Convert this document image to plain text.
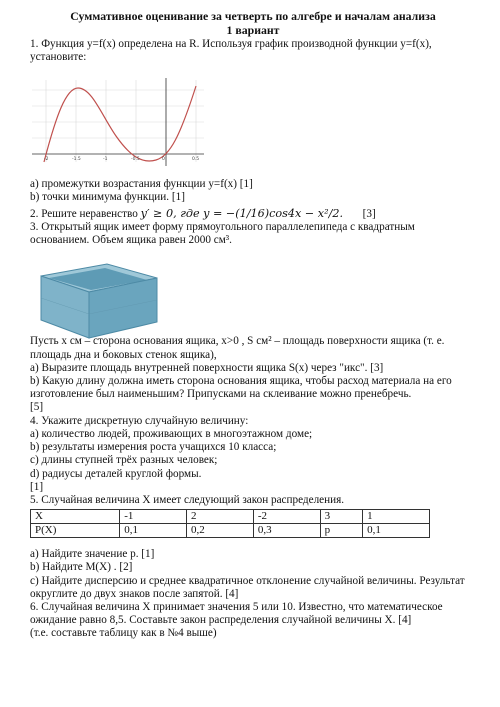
Суммативное оценивание за четверть по алгебре и началам анализа
1 вариант

1. Функция y=f(x) определена на R. Используя график производной функции y=f(x), установите:

a) промежутки возрастания функции y=f(x) [1]

b) точки минимума функции. [1]

2. Решите неравенство y′ ≥ 0, где y = −(1/16)cos4x − x²/2. [3]

3. Открытый ящик имеет форму прямоугольного параллелепипеда с квадратным основанием. Объем ящика равен 2000 см³.

Пусть x см – сторона основания ящика, x>0 , S см² – площадь поверхности ящика (т. е. площадь дна и боковых стенок ящика),

a) Выразите площадь внутренней поверхности ящика S(x) через "икс". [3]

b) Какую длину должна иметь сторона основания ящика, чтобы расход материала на его изготовление был наименьшим? Припусками на склеивание можно пренебречь.

[5]

4. Укажите дискретную случайную величину:

a) количество людей, проживающих в многоэтажном доме;

b) результаты измерения роста учащихся 10 класса;

c) длины ступней трёх разных человек;

d) радиусы деталей круглой формы.

[1]

5. Случайная величина X имеет следующий закон распределения.

X	-1	2	-2	3	1
P(X)	0,1	0,2	0,3	p	0,1

a) Найдите значение p. [1]

b) Найдите M(X) . [2]

c) Найдите дисперсию и среднее квадратичное отклонение случайной величины. Результат округлите до двух знаков после запятой. [4]

6. Случайная величина X принимает значения 5 или 10. Известно, что математическое ожидание равно 8,5. Составьте закон распределения случайной величины X. [4]

(т.е. составьте таблицу как в №4 выше)

-2	-1.5	-1	-0.5	0	0.5
